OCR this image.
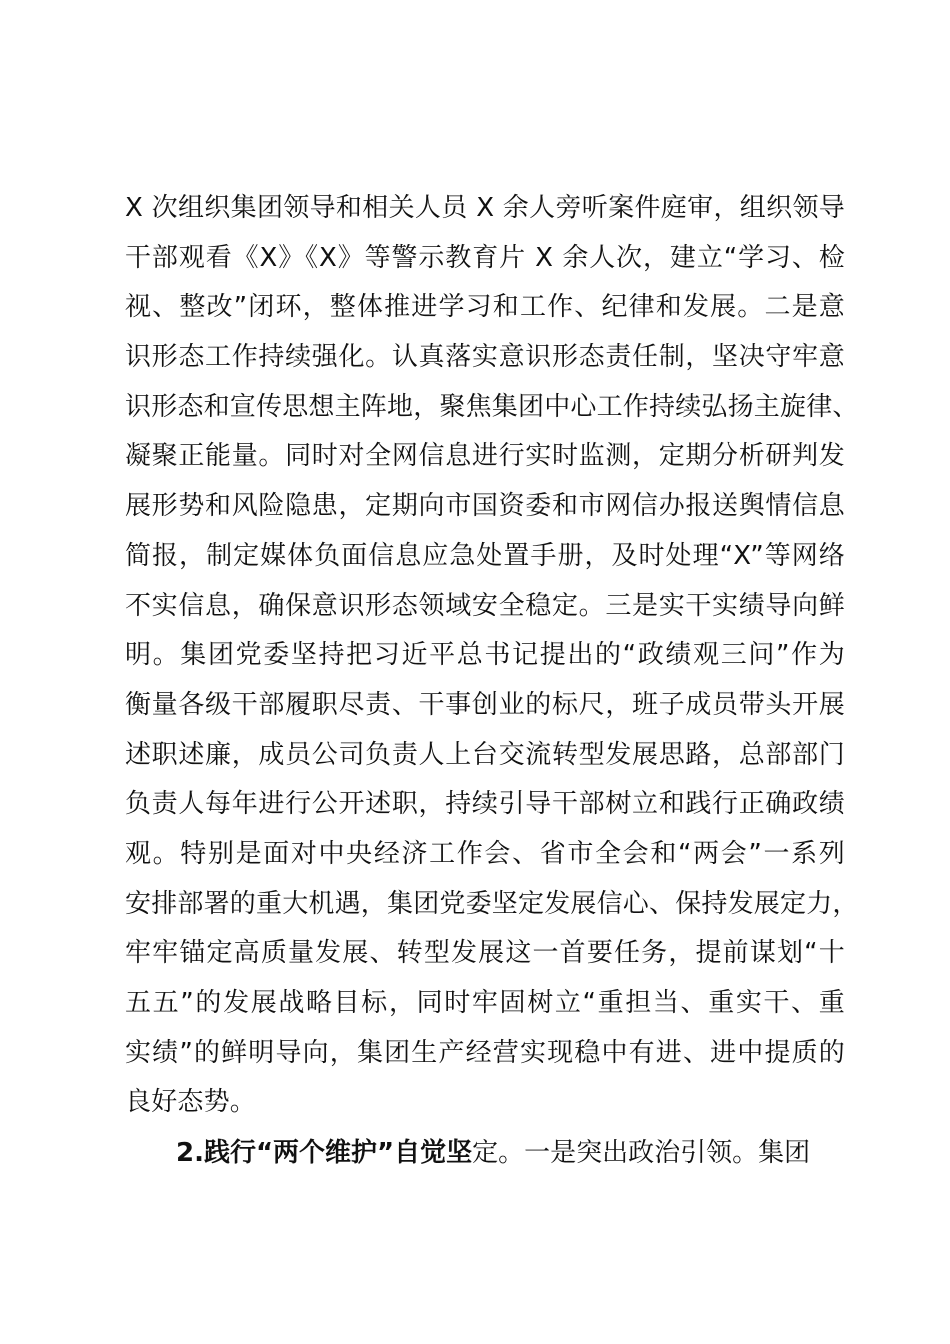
X 次组织集团领导和相关人员 X 余人旁听案件庭审，组织领导
干部观看《X》《X》等警示教育片 X 余人次，建立“学习、检
视、整改”闭环，整体推进学习和工作、纪律和发展。二是意
识形态工作持续强化。认真落实意识形态责任制，坚决守牢意
识形态和宣传思想主阵地，聚焦集团中心工作持续弘扬主旋律、
凝聚正能量。同时对全网信息进行实时监测，定期分析研判发
展形势和风险隐患，定期向市国资委和市网信办报送舆情信息
简报，制定媒体负面信息应急处置手册，及时处理“X”等网络
不实信息，确保意识形态领域安全稳定。三是实干实绩导向鲜
明。集团党委坚持把习近平总书记提出的“政绩观三问”作为
衡量各级干部履职尽责、干事创业的标尺，班子成员带头开展
述职述廉，成员公司负责人上台交流转型发展思路，总部部门
负责人每年进行公开述职，持续引导干部树立和践行正确政绩
观。特别是面对中央经济工作会、省市全会和“两会”一系列
安排部署的重大机遇，集团党委坚定发展信心、保持发展定力，
牢牢锚定高质量发展、转型发展这一首要任务，提前谋划“十
五五”的发展战略目标，同时牢固树立“重担当、重实干、重
实绩”的鲜明导向，集团生产经营实现稳中有进、进中提质的
良好态势。
2.践行“两个维护”自觉坚定。一是突出政治引领。集团
